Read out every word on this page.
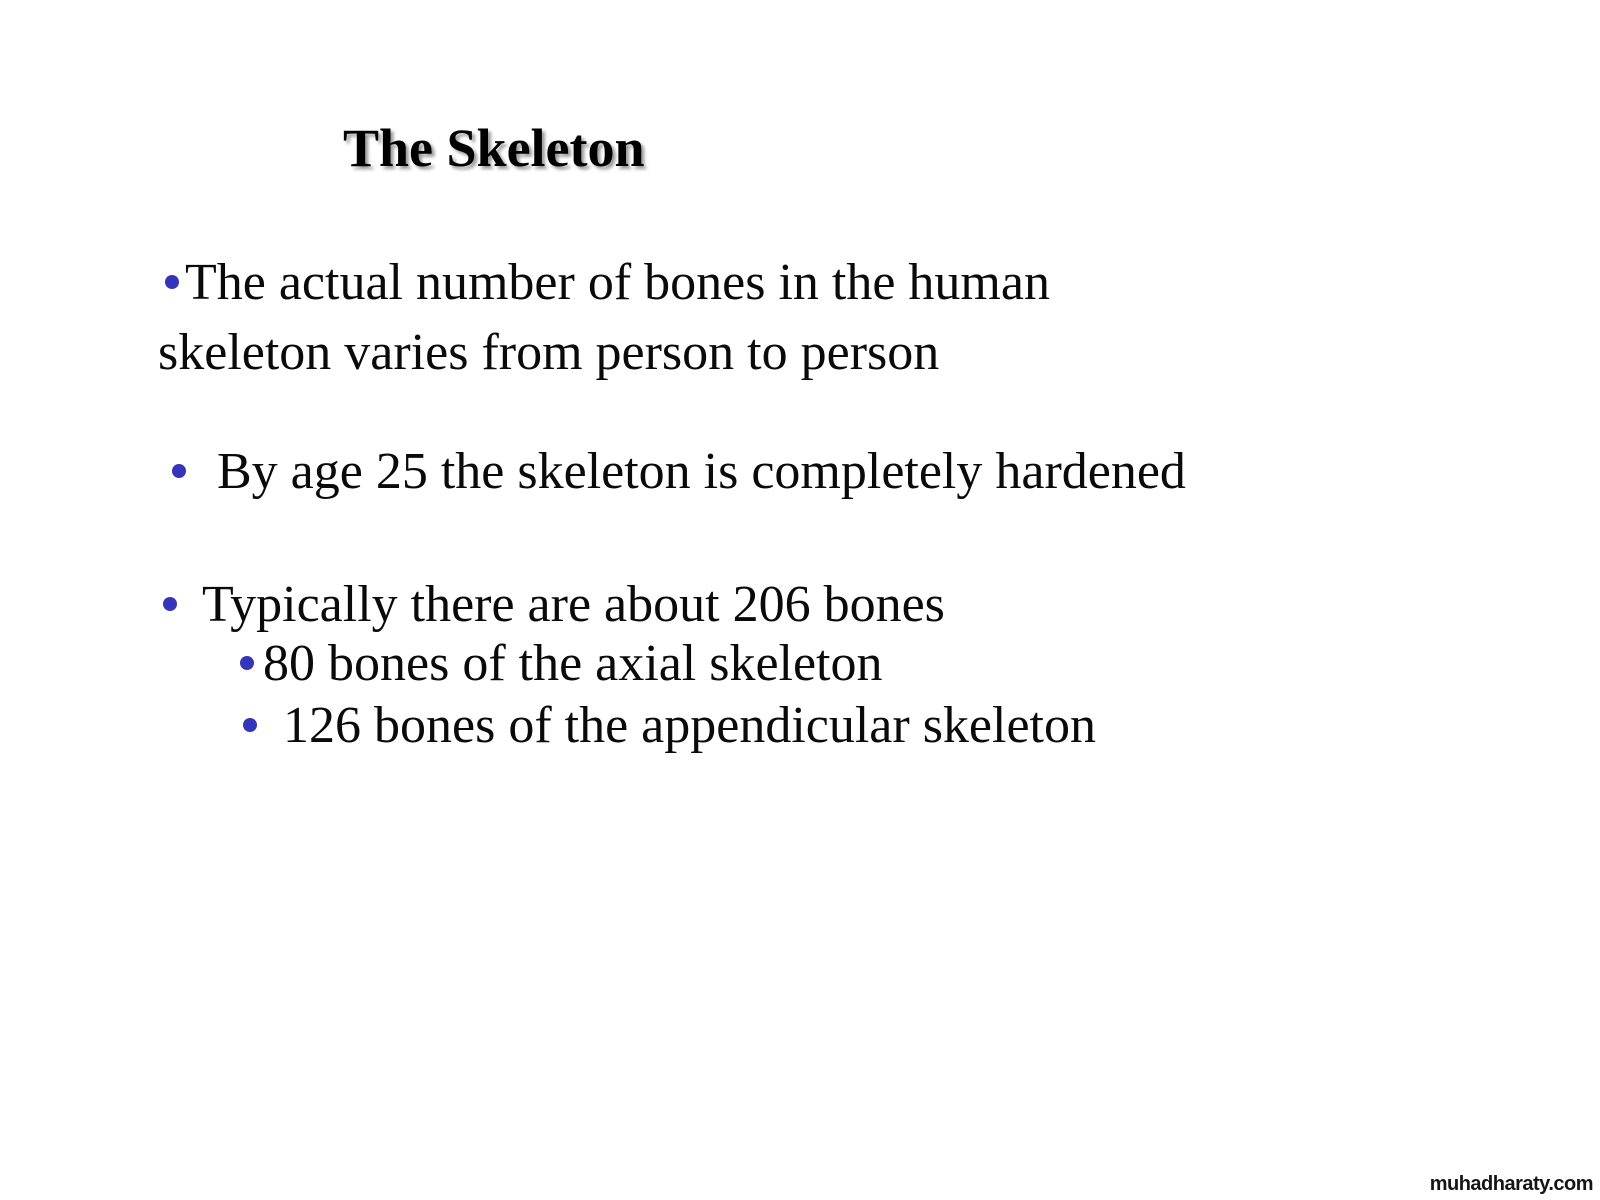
The Skeleton
The actual number of bones in the human skeleton varies from person to person
By age 25 the skeleton is completely hardened
Typically there are about 206 bones
80 bones of the axial skeleton
126 bones of the appendicular skeleton
muhadharaty.com
